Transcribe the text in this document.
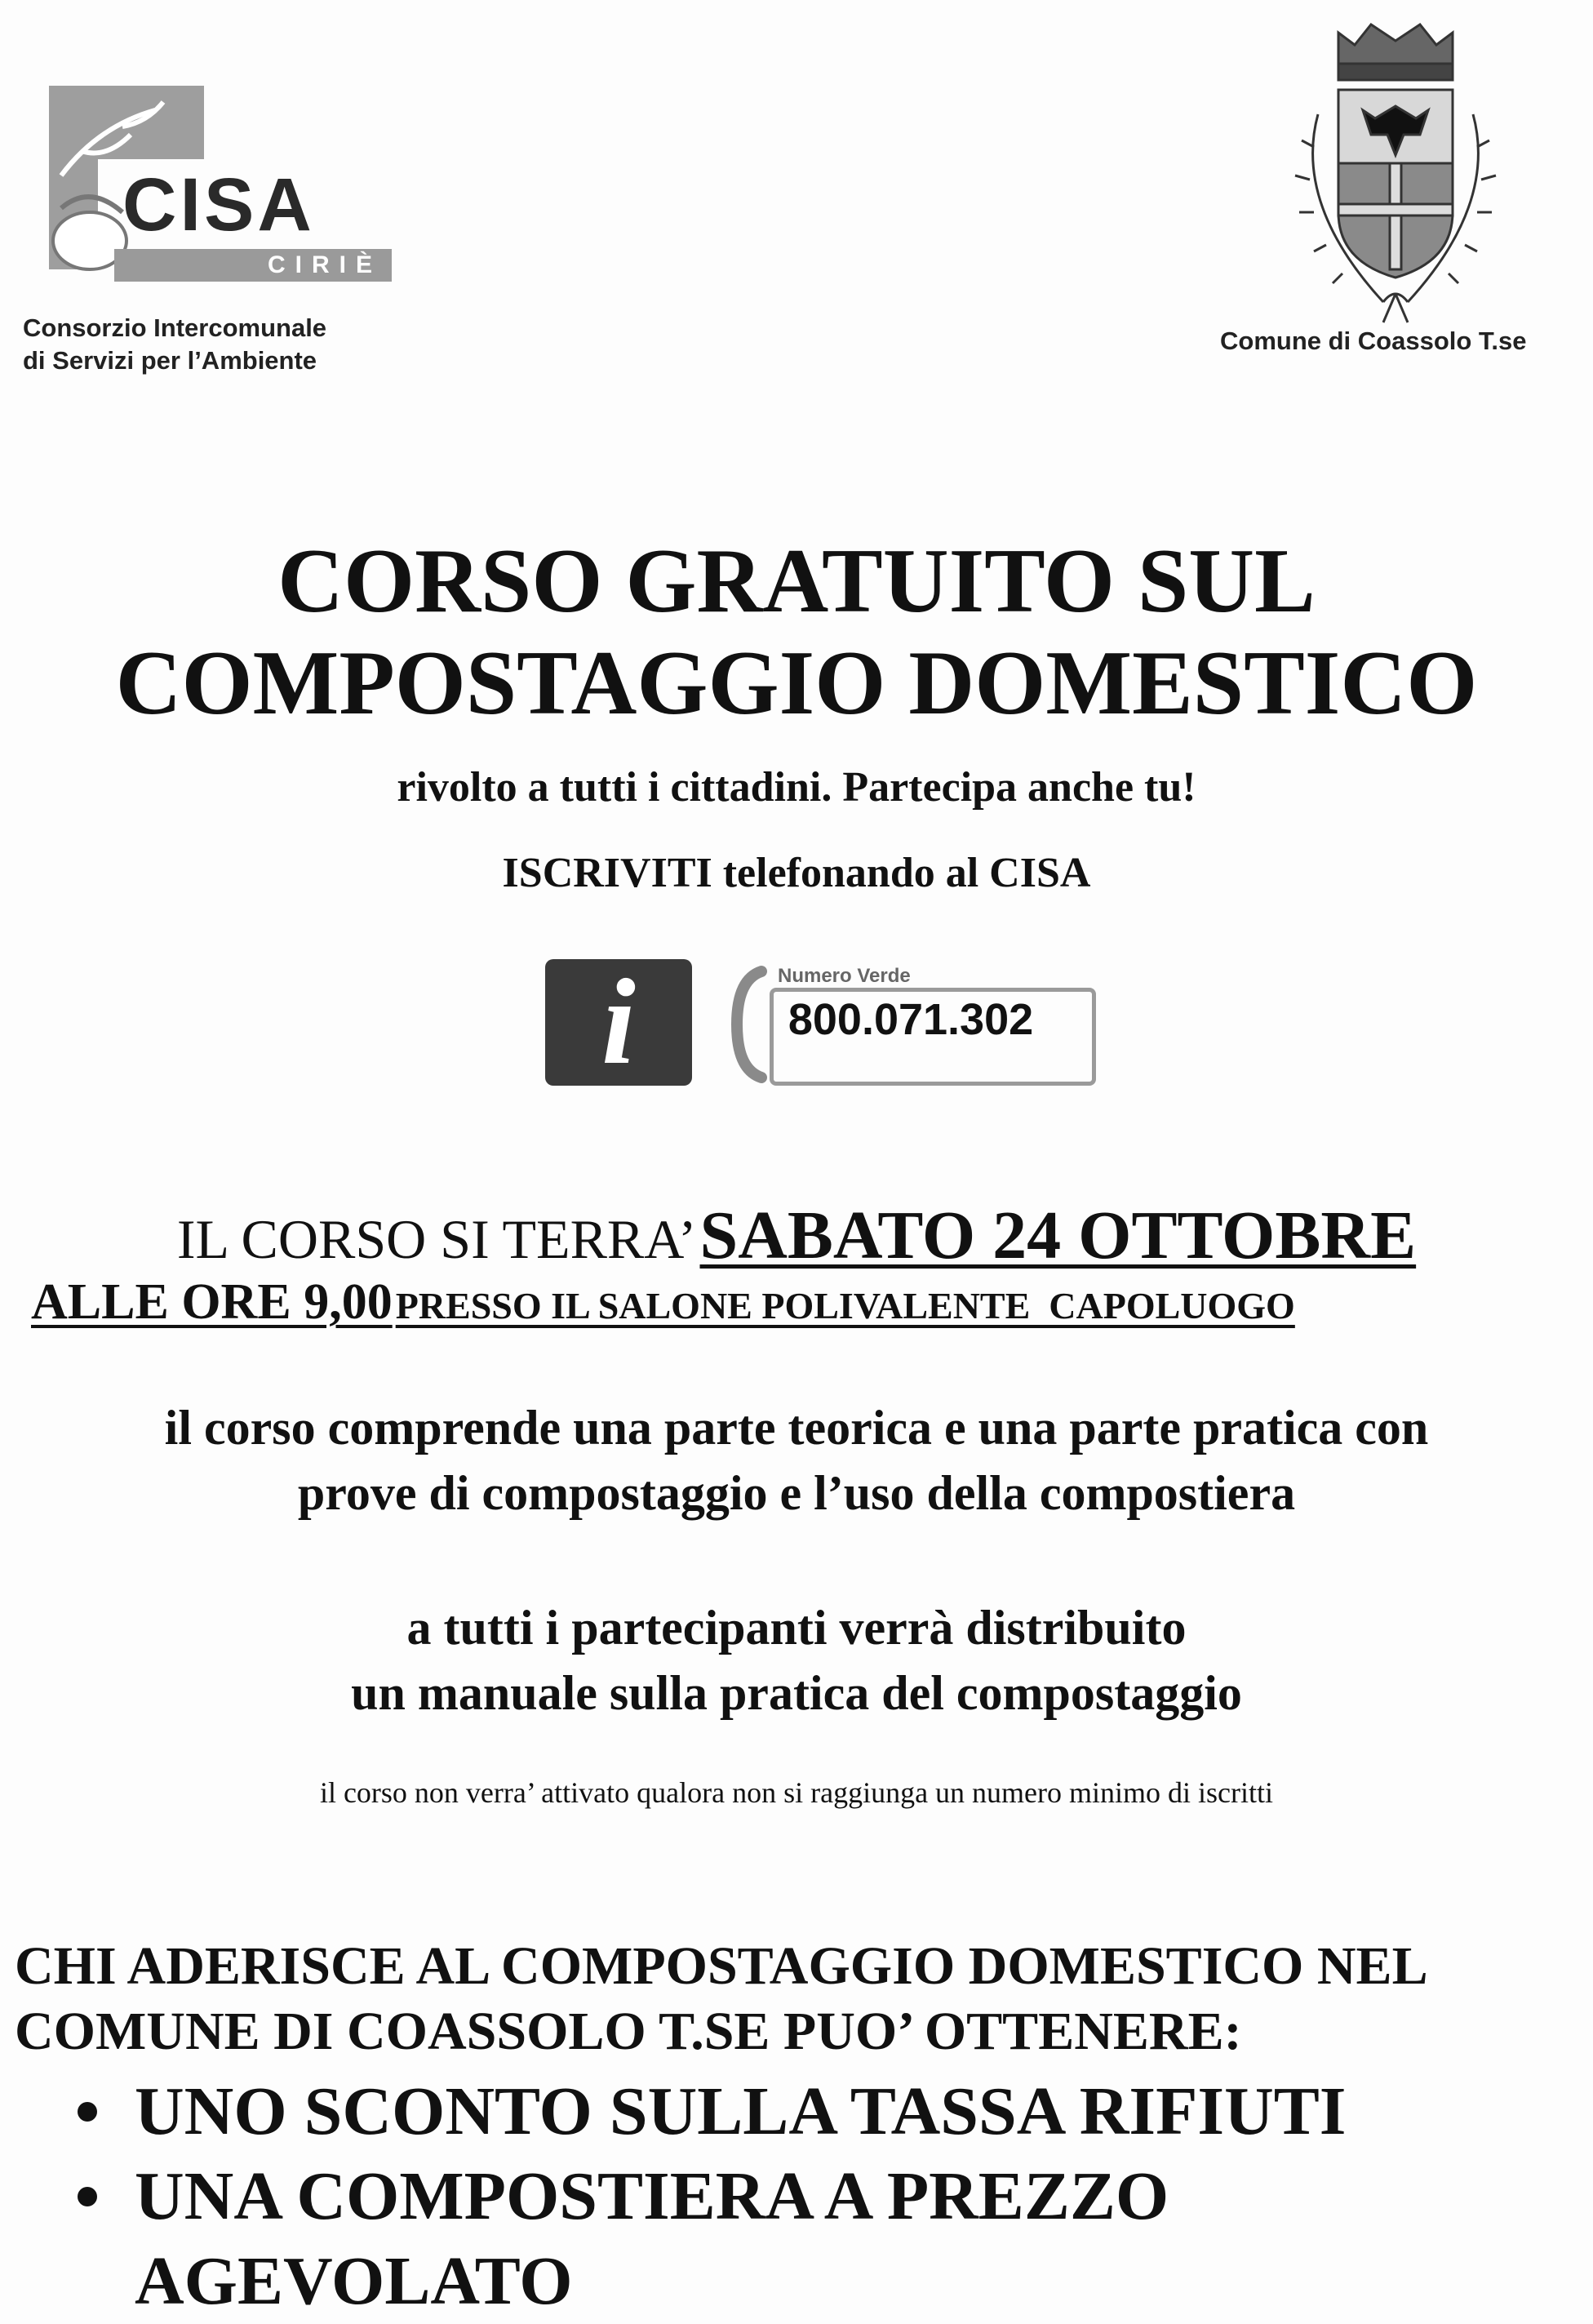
CISA
CIRIÈ
Consorzio Intercomunale
di Servizi per l’Ambiente
Comune di Coassolo T.se
CORSO GRATUITO SUL
COMPOSTAGGIO DOMESTICO
rivolto a tutti i cittadini. Partecipa anche tu!
ISCRIVITI telefonando al CISA
i	Numero Verde
800.071.302
IL CORSO SI TERRA’ SABATO 24 OTTOBRE
ALLE ORE 9,00 PRESSO IL SALONE POLIVALENTE  CAPOLUOGO
il corso comprende una parte teorica e una parte pratica con
prove di compostaggio e l’uso della compostiera
a tutti i partecipanti verrà distribuito
un manuale sulla pratica del compostaggio
il corso non verra’ attivato qualora non si raggiunga un numero minimo di iscritti
CHI ADERISCE AL COMPOSTAGGIO DOMESTICO NEL
COMUNE DI COASSOLO T.SE PUO’ OTTENERE:
UNO SCONTO SULLA TASSA RIFIUTI
UNA COMPOSTIERA A PREZZO AGEVOLATO
